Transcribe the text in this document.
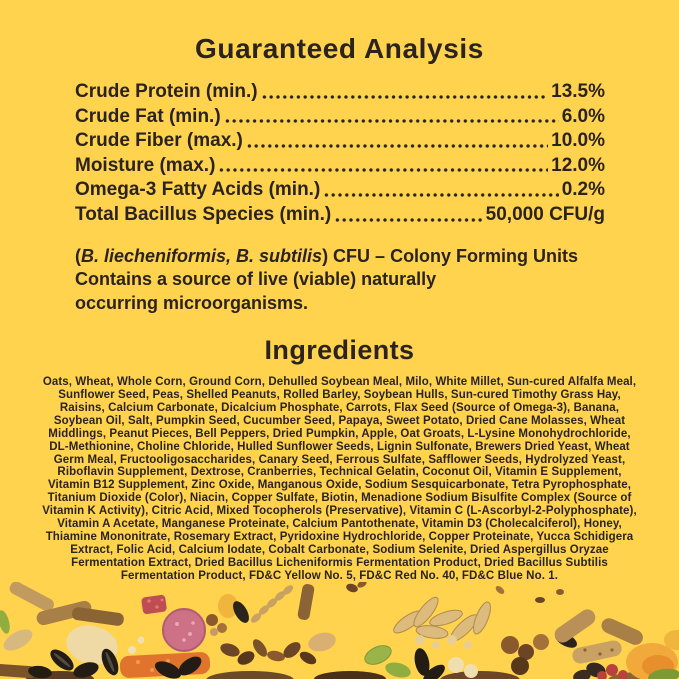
Guaranteed Analysis
Crude Protein (min.)	13.5%
Crude Fat (min.)	6.0%
Crude Fiber (max.)	10.0%
Moisture (max.)	12.0%
Omega-3 Fatty Acids (min.)	0.2%
Total Bacillus Species (min.)	50,000 CFU/g

(B. liecheniformis, B. subtilis) CFU – Colony Forming Units
Contains a source of live (viable) naturally
occurring microorganisms.

Ingredients

Oats, Wheat, Whole Corn, Ground Corn, Dehulled Soybean Meal, Milo, White Millet, Sun-cured Alfalfa Meal, Sunflower Seed, Peas, Shelled Peanuts, Rolled Barley, Soybean Hulls, Sun-cured Timothy Grass Hay, Raisins, Calcium Carbonate, Dicalcium Phosphate, Carrots, Flax Seed (Source of Omega-3), Banana, Soybean Oil, Salt, Pumpkin Seed, Cucumber Seed, Papaya, Sweet Potato, Dried Cane Molasses, Wheat Middlings, Peanut Pieces, Bell Peppers, Dried Pumpkin, Apple, Oat Groats, L-Lysine Monohydrochloride, DL-Methionine, Choline Chloride, Hulled Sunflower Seeds, Lignin Sulfonate, Brewers Dried Yeast, Wheat Germ Meal, Fructooligosaccharides, Canary Seed, Ferrous Sulfate, Safflower Seeds, Hydrolyzed Yeast, Riboflavin Supplement, Dextrose, Cranberries, Technical Gelatin, Coconut Oil, Vitamin E Supplement, Vitamin B12 Supplement, Zinc Oxide, Manganous Oxide, Sodium Sesquicarbonate, Tetra Pyrophosphate, Titanium Dioxide (Color), Niacin, Copper Sulfate, Biotin, Menadione Sodium Bisulfite Complex (Source of Vitamin K Activity), Citric Acid, Mixed Tocopherols (Preservative), Vitamin C (L-Ascorbyl-2-Polyphosphate), Vitamin A Acetate, Manganese Proteinate, Calcium Pantothenate, Vitamin D3 (Cholecalciferol), Honey, Thiamine Mononitrate, Rosemary Extract, Pyridoxine Hydrochloride, Copper Proteinate, Yucca Schidigera Extract, Folic Acid, Calcium Iodate, Cobalt Carbonate, Sodium Selenite, Dried Aspergillus Oryzae Fermentation Extract, Dried Bacillus Licheniformis Fermentation Product, Dried Bacillus Subtilis Fermentation Product, FD&C Yellow No. 5, FD&C Red No. 40, FD&C Blue No. 1.
